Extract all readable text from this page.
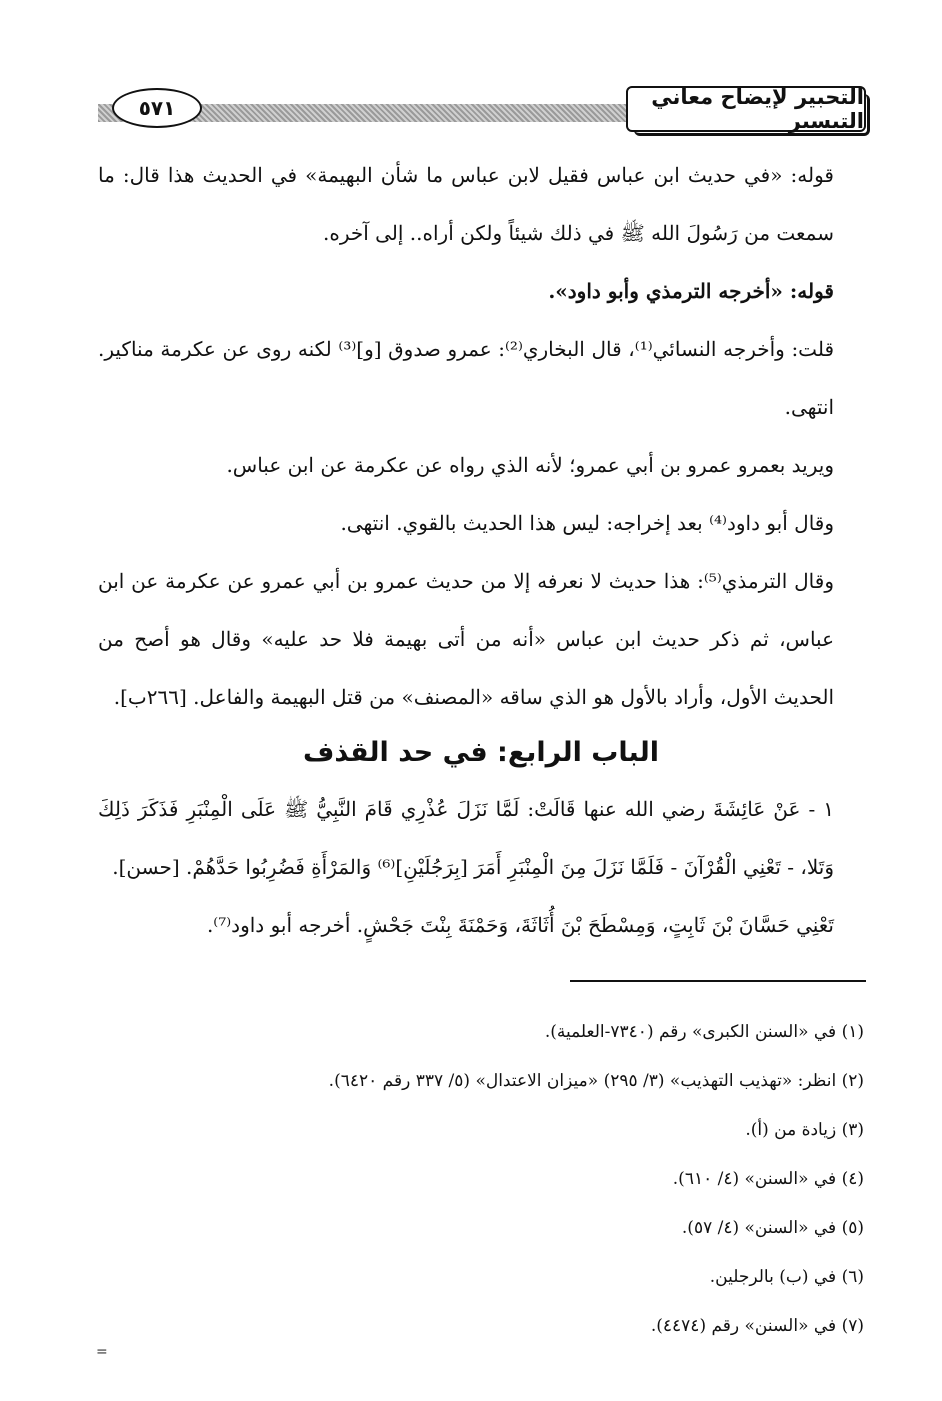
التحبير لإيضاح معاني التيسير
٥٧١

قوله: «في حديث ابن عباس فقيل لابن عباس ما شأن البهيمة» في الحديث هذا قال: ما سمعت من رَسُولَ الله ﷺ في ذلك شيئاً ولكن أراه.. إلى آخره.

قوله: «أخرجه الترمذي وأبو داود».

قلت: وأخرجه النسائي⁽¹⁾، قال البخاري⁽²⁾: عمرو صدوق [و]⁽³⁾ لكنه روى عن عكرمة مناكير. انتهى.

ويريد بعمرو عمرو بن أبي عمرو؛ لأنه الذي رواه عن عكرمة عن ابن عباس.

وقال أبو داود⁽⁴⁾ بعد إخراجه: ليس هذا الحديث بالقوي. انتهى.

وقال الترمذي⁽⁵⁾: هذا حديث لا نعرفه إلا من حديث عمرو بن أبي عمرو عن عكرمة عن ابن عباس، ثم ذكر حديث ابن عباس «أنه من أتى بهيمة فلا حد عليه» وقال هو أصح من الحديث الأول، وأراد بالأول هو الذي ساقه «المصنف» من قتل البهيمة والفاعل. [٢٦٦ب].

الباب الرابع: في حد القذف

١ - عَنْ عَائِشَةَ رضي الله عنها قَالَتْ: لَمَّا نَزَلَ عُذْرِي قَامَ النَّبِيُّ ﷺ عَلَى الْمِنْبَرِ فَذَكَرَ ذَلِكَ وَتَلا، - تَعْنِي الْقُرْآنَ - فَلَمَّا نَزَلَ مِنَ الْمِنْبَرِ أَمَرَ [بِرَجُلَيْنِ]⁽⁶⁾ وَالمَرْأَةِ فَضُرِبُوا حَدَّهُمْ. [حسن].

تَعْنِي حَسَّانَ بْنَ ثَابِتٍ، وَمِسْطَحَ بْنَ أُثَاثَةَ، وَحَمْنَةَ بِنْتَ جَحْشٍ. أخرجه أبو داود⁽⁷⁾.

(١) في «السنن الكبرى» رقم (٧٣٤٠-العلمية).

(٢) انظر: «تهذيب التهذيب» (٣/ ٢٩٥) «ميزان الاعتدال» (٥/ ٣٣٧ رقم ٦٤٢٠).

(٣) زيادة من (أ).

(٤) في «السنن» (٤/ ٦١٠).

(٥) في «السنن» (٤/ ٥٧).

(٦) في (ب) بالرجلين.

(٧) في «السنن» رقم (٤٤٧٤).

=
